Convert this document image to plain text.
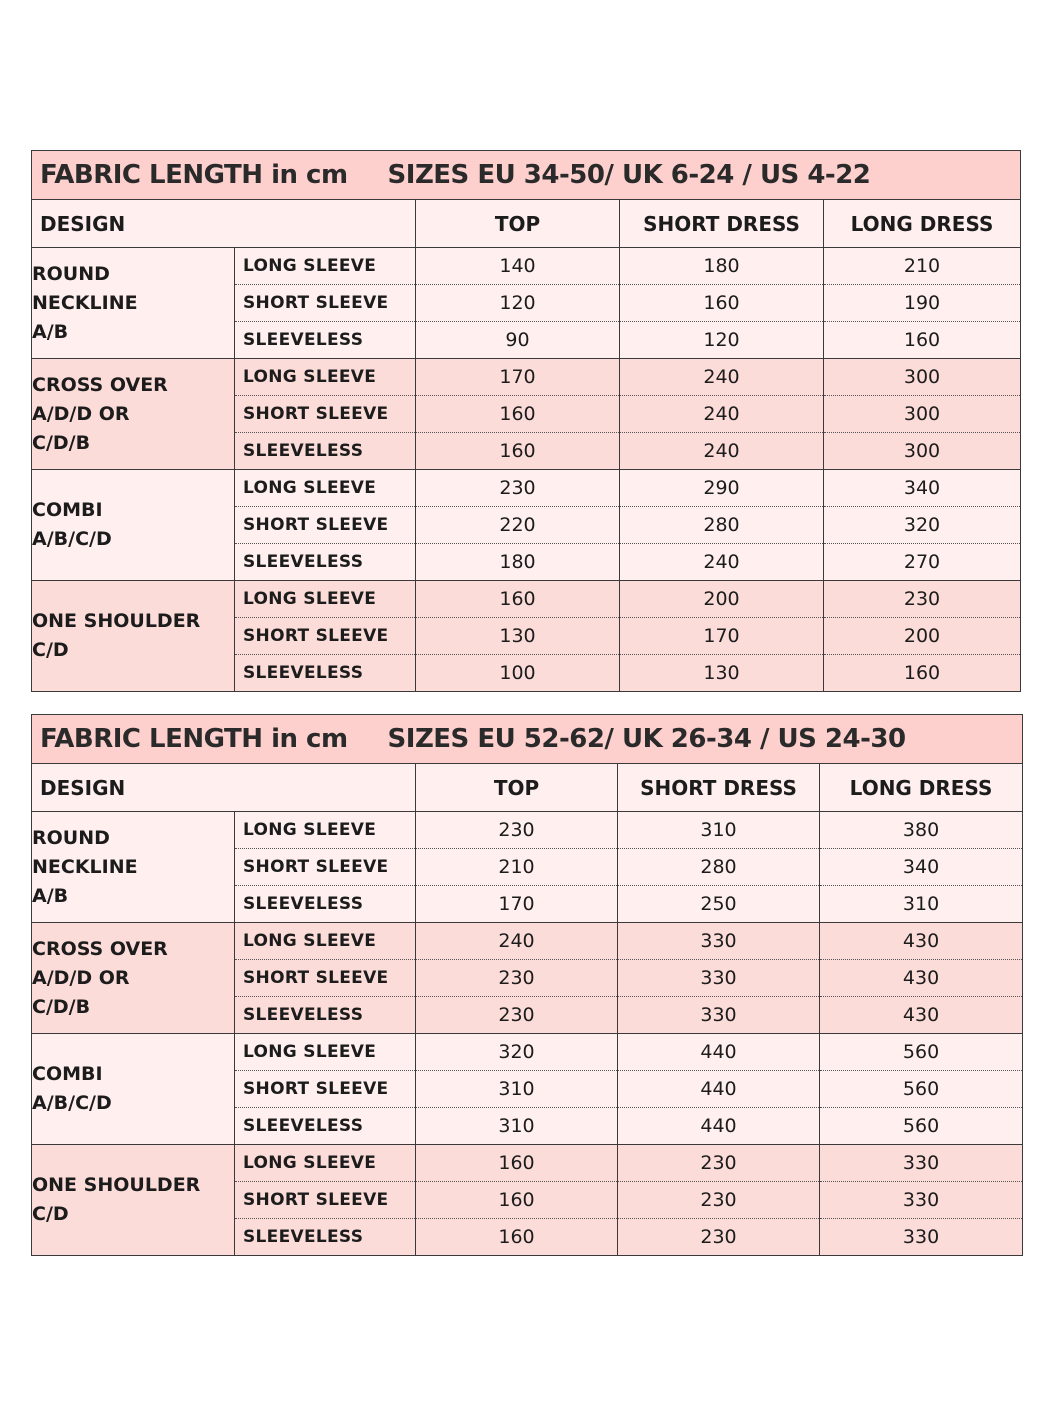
FABRIC LENGTH in cm SIZES EU 34-50/ UK 6-24 / US 4-22				
DESIGN		TOP	SHORT DRESS	LONG DRESS

ROUND
NECKLINE
A/B	LONG SLEEVE	140	180	210
	SHORT SLEEVE	120	160	190
	SLEEVELESS	90	120	160

CROSS OVER
A/D/D OR
C/D/B	LONG SLEEVE	170	240	300
	SHORT SLEEVE	160	240	300
	SLEEVELESS	160	240	300

COMBI
A/B/C/D	LONG SLEEVE	230	290	340
	SHORT SLEEVE	220	280	320
	SLEEVELESS	180	240	270

ONE SHOULDER
C/D	LONG SLEEVE	160	200	230
	SHORT SLEEVE	130	170	200
	SLEEVELESS	100	130	160
FABRIC LENGTH in cm SIZES EU 52-62/ UK 26-34 / US 24-30				
DESIGN		TOP	SHORT DRESS	LONG DRESS

ROUND
NECKLINE
A/B	LONG SLEEVE	230	310	380
	SHORT SLEEVE	210	280	340
	SLEEVELESS	170	250	310

CROSS OVER
A/D/D OR
C/D/B	LONG SLEEVE	240	330	430
	SHORT SLEEVE	230	330	430
	SLEEVELESS	230	330	430

COMBI
A/B/C/D	LONG SLEEVE	320	440	560
	SHORT SLEEVE	310	440	560
	SLEEVELESS	310	440	560

ONE SHOULDER
C/D	LONG SLEEVE	160	230	330
	SHORT SLEEVE	160	230	330
	SLEEVELESS	160	230	330
